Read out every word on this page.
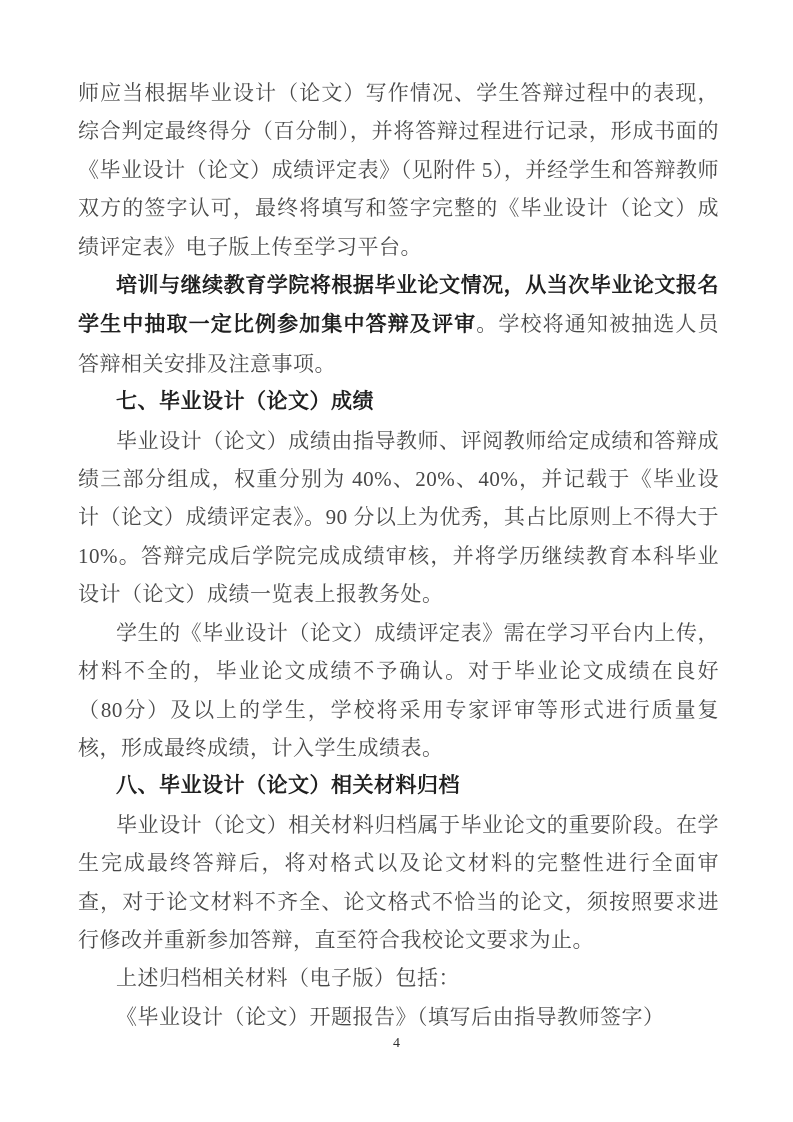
师应当根据毕业设计（论文）写作情况、学生答辩过程中的表现，综合判定最终得分（百分制），并将答辩过程进行记录，形成书面的《毕业设计（论文）成绩评定表》（见附件 5），并经学生和答辩教师双方的签字认可，最终将填写和签字完整的《毕业设计（论文）成绩评定表》电子版上传至学习平台。

培训与继续教育学院将根据毕业论文情况，从当次毕业论文报名学生中抽取一定比例参加集中答辩及评审。学校将通知被抽选人员答辩相关安排及注意事项。

七、毕业设计（论文）成绩

毕业设计（论文）成绩由指导教师、评阅教师给定成绩和答辩成绩三部分组成，权重分别为 40%、20%、40%，并记载于《毕业设计（论文）成绩评定表》。90 分以上为优秀，其占比原则上不得大于 10%。答辩完成后学院完成成绩审核，并将学历继续教育本科毕业设计（论文）成绩一览表上报教务处。

学生的《毕业设计（论文）成绩评定表》需在学习平台内上传，材料不全的，毕业论文成绩不予确认。对于毕业论文成绩在良好（80分）及以上的学生，学校将采用专家评审等形式进行质量复核，形成最终成绩，计入学生成绩表。

八、毕业设计（论文）相关材料归档

毕业设计（论文）相关材料归档属于毕业论文的重要阶段。在学生完成最终答辩后，将对格式以及论文材料的完整性进行全面审查，对于论文材料不齐全、论文格式不恰当的论文，须按照要求进行修改并重新参加答辩，直至符合我校论文要求为止。

上述归档相关材料（电子版）包括：

《毕业设计（论文）开题报告》（填写后由指导教师签字）

4
